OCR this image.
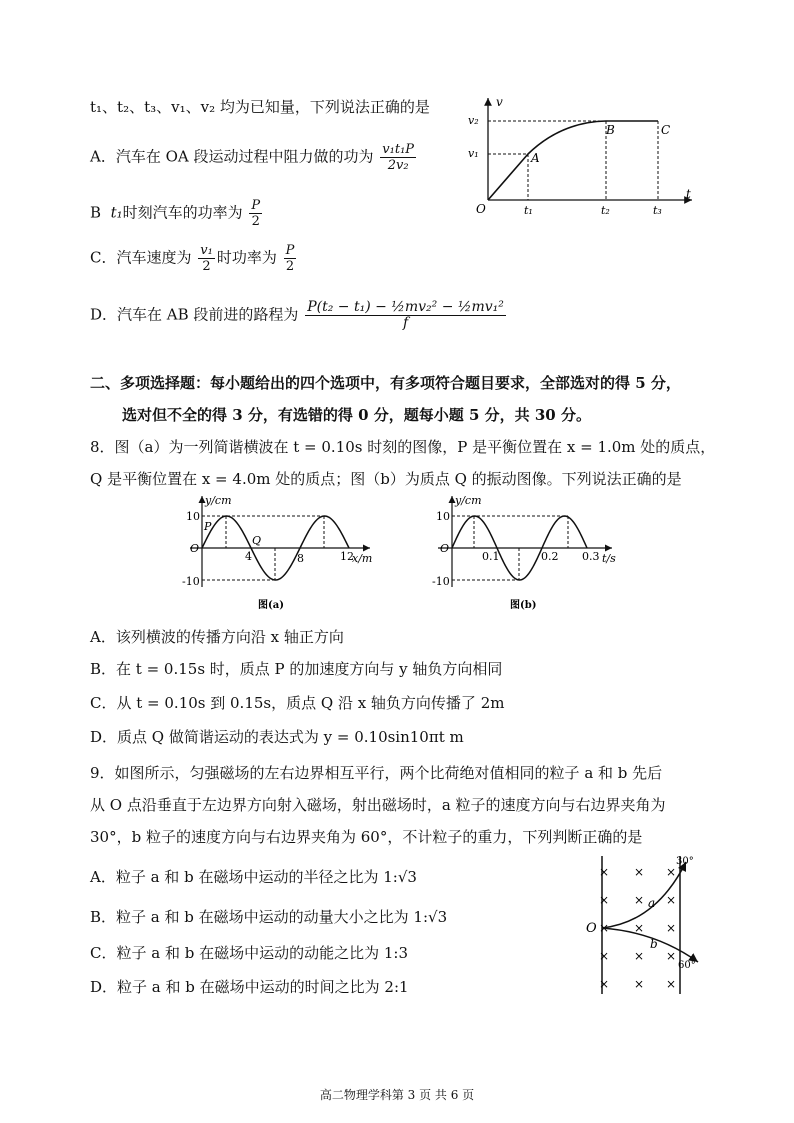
t₁、t₂、t₃、v₁、v₂ 均为已知量，下列说法正确的是
A．汽车在 OA 段运动过程中阻力做的功为 $\frac{\text{v₁t₁P}}{\text{2v₂}}$
B t₁时刻汽车的功率为 $\frac{P}{2}$
C．汽车速度为 $\frac{\text{v₁}}{2}$ 时功率为 $\frac{P}{2}$
D．汽车在 AB 段前进的路程为 $\frac{\text{P(t₂ − t₁) − ½mv₂² − ½mv₁²}}{f}$
v
t
O
v₂
v₁
t₁	t₂	t₃
A
B	C
二、多项选择题：每小题给出的四个选项中，有多项符合题目要求，全部选对的得 5 分，
选对但不全的得 3 分，有选错的得 0 分，题每小题 5 分，共 30 分。
8．图（a）为一列简谐横波在 t = 0.10s 时刻的图像，P 是平衡位置在 x = 1.0m 处的质点，
Q 是平衡位置在 x = 4.0m 处的质点；图（b）为质点 Q 的振动图像。下列说法正确的是
y/cm
x/m
10
-10
O
4	8	12
P
Q
图(a)
y/cm
t/s
10
-10
O
0.1	0.2 0.3
图(b)
A．该列横波的传播方向沿 x 轴正方向
B．在 t = 0.15s 时，质点 P 的加速度方向与 y 轴负方向相同
C．从 t = 0.10s 到 0.15s，质点 Q 沿 x 轴负方向传播了 2m
D．质点 Q 做简谐运动的表达式为 y = 0.10sin10πt m
9．如图所示，匀强磁场的左右边界相互平行，两个比荷绝对值相同的粒子 a 和 b 先后
从 O 点沿垂直于左边界方向射入磁场，射出磁场时，a 粒子的速度方向与右边界夹角为
30°，b 粒子的速度方向与右边界夹角为 60°，不计粒子的重力，下列判断正确的是
A．粒子 a 和 b 在磁场中运动的半径之比为 1:√3
B．粒子 a 和 b 在磁场中运动的动量大小之比为 1:√3
C．粒子 a 和 b 在磁场中运动的动能之比为 1:3
D．粒子 a 和 b 在磁场中运动的时间之比为 2:1
× × ×
× × ×
× × ×
× × ×
× × ×
O
a
b
30°
60°
高二物理学科第 3 页 共 6 页
